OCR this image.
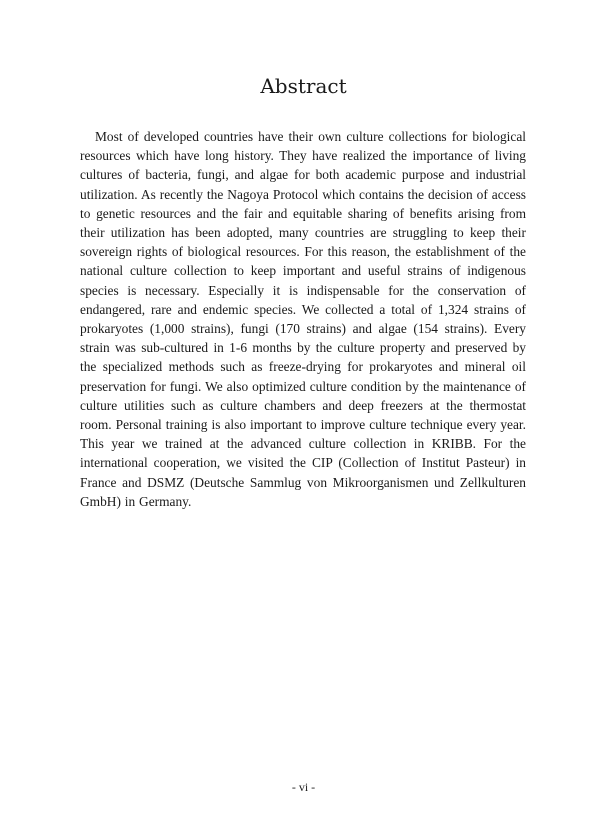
Abstract

Most of developed countries have their own culture collections for biological resources which have long history. They have realized the importance of living cultures of bacteria, fungi, and algae for both academic purpose and industrial utilization. As recently the Nagoya Protocol which contains the decision of access to genetic resources and the fair and equitable sharing of benefits arising from their utilization has been adopted, many countries are struggling to keep their sovereign rights of biological resources. For this reason, the establishment of the national culture collection to keep important and useful strains of indigenous species is necessary. Especially it is indispensable for the conservation of endangered, rare and endemic species. We collected a total of 1,324 strains of prokaryotes (1,000 strains), fungi (170 strains) and algae (154 strains). Every strain was sub-cultured in 1-6 months by the culture property and preserved by the specialized methods such as freeze-drying for prokaryotes and mineral oil preservation for fungi. We also optimized culture condition by the maintenance of culture utilities such as culture chambers and deep freezers at the thermostat room. Personal training is also important to improve culture technique every year. This year we trained at the advanced culture collection in KRIBB. For the international cooperation, we visited the CIP (Collection of Institut Pasteur) in France and DSMZ (Deutsche Sammlug von Mikroorganismen und Zellkulturen GmbH) in Germany.

- vi -
